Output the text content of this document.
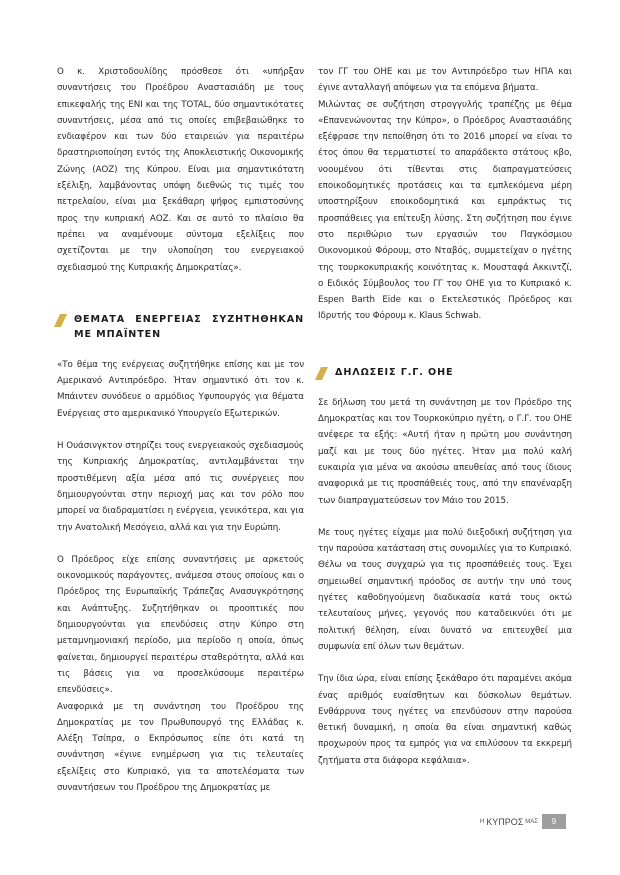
Ο κ. Χριστοδουλίδης πρόσθεσε ότι «υπήρξαν συναντήσεις του Προέδρου Αναστασιάδη με τους επικεφαλής της ENI και της TOTAL, δύο σημαντικότατες συναντήσεις, μέσα από τις οποίες επιβεβαιώθηκε το ενδιαφέρον και των δύο εταιρειών για περαιτέρω δραστηριοποίηση εντός της Αποκλειστικής Οικονομικής Ζώνης (ΑΟΖ) της Κύπρου. Είναι μια σημαντικότατη εξέλιξη, λαμβάνοντας υπόψη διεθνώς τις τιμές του πετρελαίου, είναι μια ξεκάθαρη ψήφος εμπιστοσύνης προς την κυπριακή ΑΟΖ. Και σε αυτό το πλαίσιο θα πρέπει να αναμένουμε σύντομα εξελίξεις που σχετίζονται με την υλοποίηση του ενεργειακού σχεδιασμού της Κυπριακής Δημοκρατίας».

ΘΕΜΑΤΑ ΕΝΕΡΓΕΙΑΣ ΣΥΖΗΤΗΘΗΚΑΝ ΜΕ ΜΠΑΪΝΤΕΝ

«Το θέμα της ενέργειας συζητήθηκε επίσης και με τον Αμερικανό Αντιπρόεδρο. Ήταν σημαντικό ότι τον κ. Μπάιντεν συνόδευε ο αρμόδιος Υφυπουργός για θέματα Ενέργειας στο αμερικανικό Υπουργείο Εξωτερικών.

Η Ουάσινγκτον στηρίζει τους ενεργειακούς σχεδιασμούς της Κυπριακής Δημοκρατίας, αντιλαμβάνεται την προστιθέμενη αξία μέσα από τις συνέργειες που δημιουργούνται στην περιοχή μας και τον ρόλο που μπορεί να διαδραματίσει η ενέργεια, γενικότερα, και για την Ανατολική Μεσόγειο, αλλά και για την Ευρώπη.

Ο Πρόεδρος είχε επίσης συναντήσεις με αρκετούς οικονομικούς παράγοντες, ανάμεσα στους οποίους και ο Πρόεδρος της Ευρωπαϊκής Τράπεζας Ανασυγκρότησης και Ανάπτυξης. Συζητήθηκαν οι προοπτικές που δημιουργούνται για επενδύσεις στην Κύπρο στη μεταμνημονιακή περίοδο, μια περίοδο η οποία, όπως φαίνεται, δημιουργεί περαιτέρω σταθερότητα, αλλά και τις βάσεις για να προσελκύσουμε περαιτέρω επενδύσεις».

Αναφορικά με τη συνάντηση του Προέδρου της Δημοκρατίας με τον Πρωθυπουργό της Ελλάδας κ. Αλέξη Τσίπρα, ο Εκπρόσωπος είπε ότι κατά τη συνάντηση «έγινε ενημέρωση για τις τελευταίες εξελίξεις στο Κυπριακό, για τα αποτελέσματα των συναντήσεων του Προέδρου της Δημοκρατίας με

τον ΓΓ του ΟΗΕ και με τον Αντιπρόεδρο των ΗΠΑ και έγινε ανταλλαγή απόψεων για τα επόμενα βήματα.

Μιλώντας σε συζήτηση στρογγυλής τραπέζης με θέμα «Επανενώνοντας την Κύπρο», ο Πρόεδρος Αναστασιάδης εξέφρασε την πεποίθηση ότι το 2016 μπορεί να είναι το έτος όπου θα τερματιστεί το απαράδεκτο στάτους κβο, νοουμένου ότι τίθενται στις διαπραγματεύσεις εποικοδομητικές προτάσεις και τα εμπλεκόμενα μέρη υποστηρίξουν εποικοδομητικά και εμπράκτως τις προσπάθειες για επίτευξη λύσης. Στη συζήτηση που έγινε στο περιθώριο των εργασιών του Παγκόσμιου Οικονομικού Φόρουμ, στο Νταβός, συμμετείχαν ο ηγέτης της τουρκοκυπριακής κοινότητας κ. Μουσταφά Ακκιντζί, ο Ειδικός Σύμβουλος του ΓΓ του ΟΗΕ για το Κυπριακό κ. Espen Barth Eide και ο Εκτελεστικός Πρόεδρος και Ιδρυτής του Φόρουμ κ. Klaus Schwab.

ΔΗΛΩΣΕΙΣ Γ.Γ. ΟΗΕ

Σε δήλωση του μετά τη συνάντηση με τον Πρόεδρο της Δημοκρατίας και τον Τουρκοκύπριο ηγέτη, ο Γ.Γ. του ΟΗΕ ανέφερε τα εξής: «Αυτή ήταν η πρώτη μου συνάντηση μαζί και με τους δύο ηγέτες. Ήταν μια πολύ καλή ευκαιρία για μένα να ακούσω απευθείας από τους ίδιους αναφορικά με τις προσπάθειές τους, από την επανέναρξη των διαπραγματεύσεων τον Μάιο του 2015.

Με τους ηγέτες είχαμε μια πολύ διεξοδική συζήτηση για την παρούσα κατάσταση στις συνομιλίες για το Κυπριακό. Θέλω να τους συγχαρώ για τις προσπάθειές τους. Έχει σημειωθεί σημαντική πρόοδος σε αυτήν την υπό τους ηγέτες καθοδηγούμενη διαδικασία κατά τους οκτώ τελευταίους μήνες, γεγονός που καταδεικνύει ότι με πολιτική θέληση, είναι δυνατό να επιτευχθεί μια συμφωνία επί όλων των θεμάτων.

Την ίδια ώρα, είναι επίσης ξεκάθαρο ότι παραμένει ακόμα ένας αριθμός ευαίσθητων και δύσκολων θεμάτων. Ενθάρρυνα τους ηγέτες να επενδύσουν στην παρούσα θετική δυναμική, η οποία θα είναι σημαντική καθώς προχωρούν προς τα εμπρός για να επιλύσουν τα εκκρεμή ζητήματα στα διάφορα κεφάλαια».

Η ΚΥΠΡΟΣ ΜΑΣ	9
